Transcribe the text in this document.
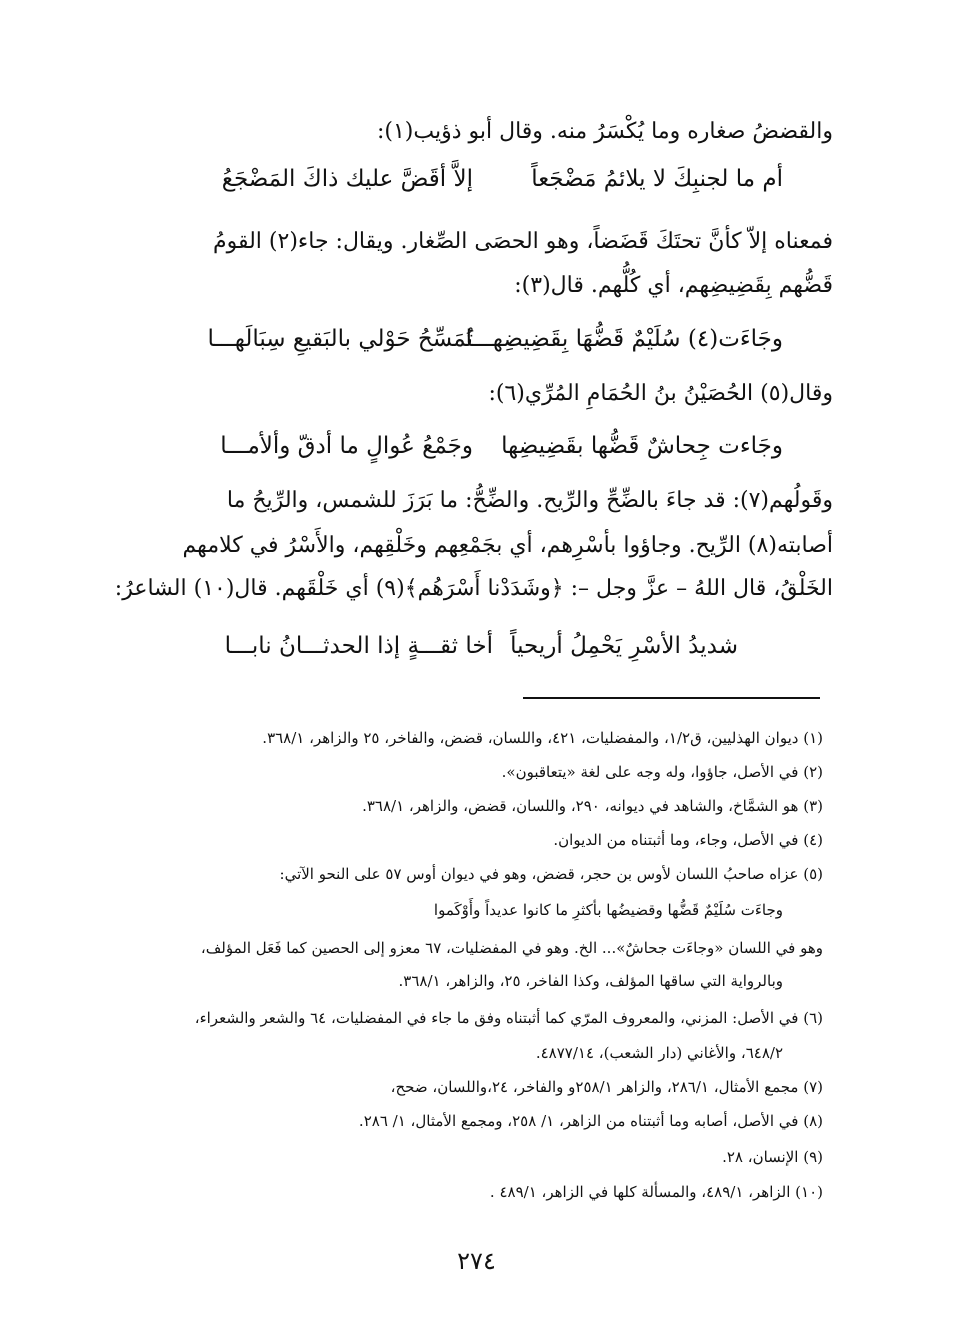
والقضضُ صغاره وما يُكْسَرُ منه. وقال أبو ذؤيب(١):
أم ما لجنبِكَ لا يلائمُ مَضْجَعاً
إلاَّ أقَضَّ عليك ذاكَ المَضْجَعُ
فمعناه إلاّ كأنَّ تحتَكَ قَضَضاً، وهو الحصَى الصِّغار. ويقال: جاء(٢) القومُ
قَضُّهم بِقَضِيضِهم، أي كُلُّهم. قال(٣):
وجَاءَت(٤) سُلَيْمٌ قَضُّهَا بِقَضِيضِهـــا
تُمَسِّحُ حَوْلي بالبَقيعِ سِبَالَهـــا
وقال(٥) الحُصَيْنُ بنُ الحُمَامِ المُرِّي(٦):
وجَاءت جِحاشٌ قَضُّها بقَضِيضِها
وجَمْعُ عُوالٍ ما أدقّ وألأمـــا
وقَولُهم(٧): قد جاءَ بالضِّحِّ والرِّيح. والضِّحُّ: ما بَرَزَ للشمس، والرِّيحُ ما
أصابته(٨) الرِّيح. وجاؤوا بأسْرِهم، أي بجَمْعِهم وخَلْقِهم، والأَسْرُ في كلامهم
الخَلْقُ، قال اللهُ – عزَّ وجل –: ﴿وشَدَدْنا أَسْرَهُم﴾(٩) أي خَلْقَهم. قال(١٠) الشاعرُ:
شديدُ الأسْرِ يَحْمِلُ أريحياً
أخا ثقـــةٍ إذا الحدثـــانُ نابـــا
(١) ديوان الهذليين، ق١/٢، والمفضليات، ٤٢١، واللسان، قضض، والفاخر، ٢٥ والزاهر، ٣٦٨/١.
(٢) في الأصل، جاؤوا، وله وجه على لغة «يتعاقبون».
(٣) هو الشمَّاخ، والشاهد في ديوانه، ٢٩٠، واللسان، قضض، والزاهر، ٣٦٨/١.
(٤) في الأصل، وجاء، وما أثبتناه من الديوان.
(٥) عزاه صاحبُ اللسان لأوس بن حجر، قضض، وهو في ديوان أوس ٥٧ على النحو الآتي:
وجاءَت سُلَيْمٌ قَضُّها وقضيضُها بأكثرِ ما كانوا عديداً وأَوْكَموا
وهو في اللسان «وجاءَت جحاشٌ»... الخ. وهو في المفضليات، ٦٧ معزو إلى الحصين كما فَعَل المؤلف،
وبالرواية التي ساقها المؤلف، وكذا الفاخر، ٢٥، والزاهر، ٣٦٨/١.
(٦) في الأصل: المزني، والمعروف المرّي كما أثبتناه وفق ما جاء في المفضليات، ٦٤ والشعر والشعراء،
٦٤٨/٢، والأغاني (دار الشعب)، ٤٨٧٧/١٤.
(٧) مجمع الأمثال، ٢٨٦/١، والزاهر ٢٥٨/١و والفاخر، ٢٤،واللسان، ضحح،
(٨) في الأصل، أصابه وما أثبتناه من الزاهر، ١/ ٢٥٨، ومجمع الأمثال، ١/ ٢٨٦.
(٩) الإنسان، ٢٨.
(١٠) الزاهر، ٤٨٩/١، والمسألة كلها في الزاهر، ٤٨٩/١ .
٢٧٤
